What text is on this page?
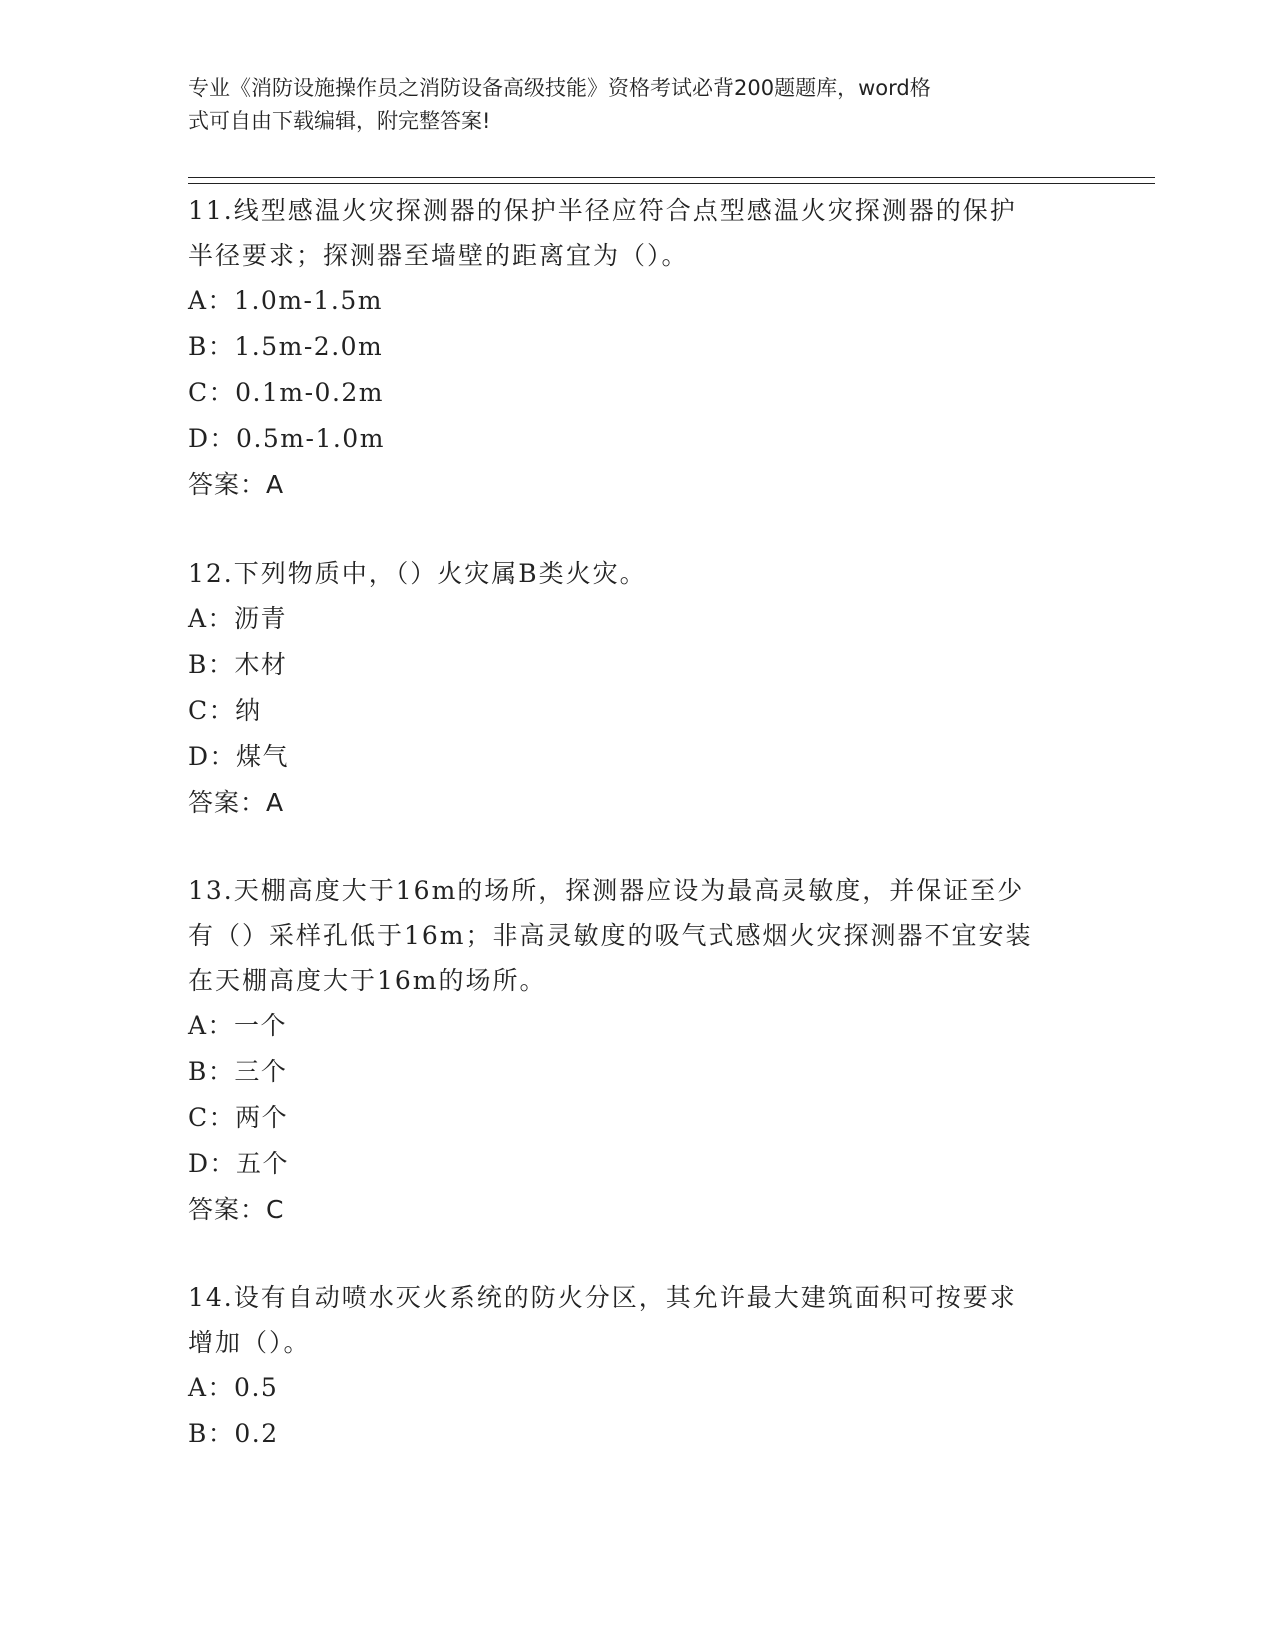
专业《消防设施操作员之消防设备高级技能》资格考试必背200题题库，word格
式可自由下载编辑，附完整答案!
11.线型感温火灾探测器的保护半径应符合点型感温火灾探测器的保护
半径要求；探测器至墙壁的距离宜为（）。
A：1.0m-1.5m
B：1.5m-2.0m
C：0.1m-0.2m
D：0.5m-1.0m
答案：A
12.下列物质中，（）火灾属B类火灾。
A：沥青
B：木材
C：纳
D：煤气
答案：A
13.天棚高度大于16m的场所，探测器应设为最高灵敏度，并保证至少
有（）采样孔低于16m；非高灵敏度的吸气式感烟火灾探测器不宜安装
在天棚高度大于16m的场所。
A：一个
B：三个
C：两个
D：五个
答案：C
14.设有自动喷水灭火系统的防火分区，其允许最大建筑面积可按要求
增加（）。
A：0.5
B：0.2
